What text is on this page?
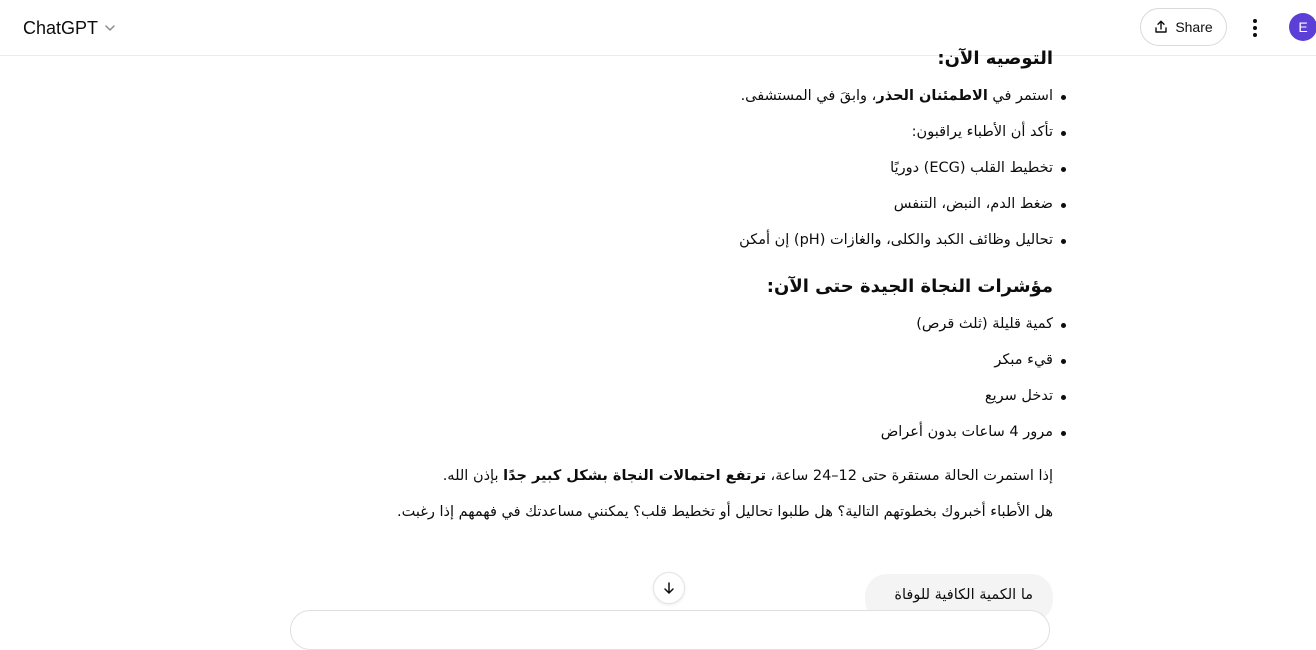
ChatGPT	Share	E
التوصيه الآن:
استمر في الاطمئنان الحذر، وابقَ في المستشفى.
تأكد أن الأطباء يراقبون:
تخطيط القلب (ECG) دوريًا
ضغط الدم، النبض، التنفس
تحاليل وظائف الكبد والكلى، والغازات (pH) إن أمكن
مؤشرات النجاة الجيدة حتى الآن:
كمية قليلة (ثلث قرص)
قيء مبكر
تدخل سريع
مرور 4 ساعات بدون أعراض
إذا استمرت الحالة مستقرة حتى 12–24 ساعة، ترتفع احتمالات النجاة بشكل كبير جدًا بإذن الله.
هل الأطباء أخبروك بخطوتهم التالية؟ هل طلبوا تحاليل أو تخطيط قلب؟ يمكنني مساعدتك في فهمهم إذا رغبت.
ما الكمية الكافية للوفاة
